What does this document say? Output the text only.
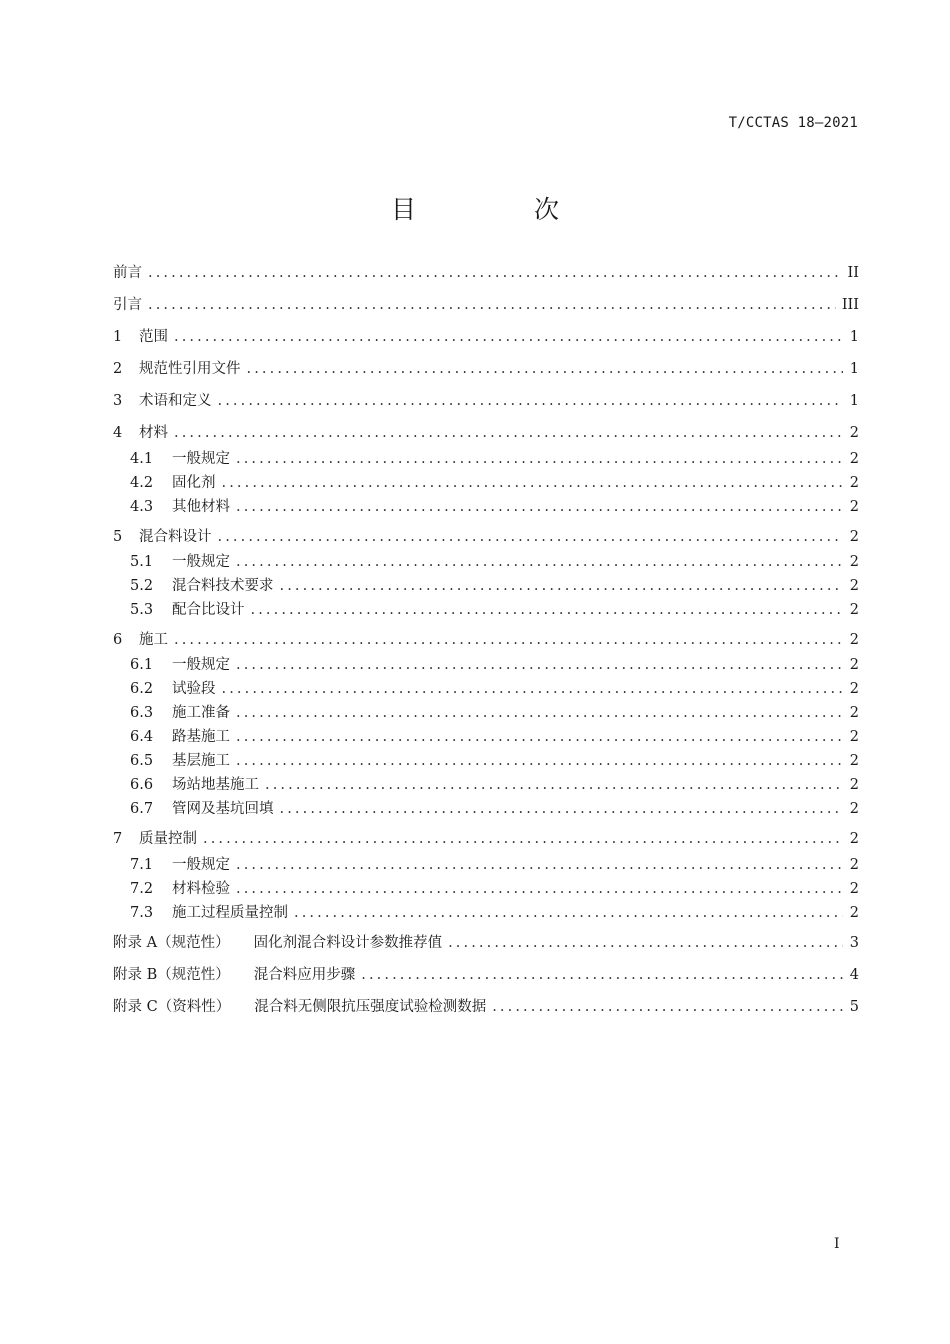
T/CCTAS 18—2021
目 次
前言 .....	II
引言 .....	III
1	范围 .....	1
2	规范性引用文件 .....	1
3	术语和定义 .....	1
4	材料 .....	2
4.1	一般规定 .....	2
4.2	固化剂 .....	2
4.3	其他材料 .....	2
5	混合料设计 .....	2
5.1	一般规定 .....	2
5.2	混合料技术要求 .....	2
5.3	配合比设计 .....	2
6	施工 .....	2
6.1	一般规定 .....	2
6.2	试验段 .....	2
6.3	施工准备 .....	2
6.4	路基施工 .....	2
6.5	基层施工 .....	2
6.6	场站地基施工 .....	2
6.7	管网及基坑回填 .....	2
7	质量控制 .....	2
7.1	一般规定 .....	2
7.2	材料检验 .....	2
7.3	施工过程质量控制 .....	2
附录 A（规范性） 固化剂混合料设计参数推荐值 .....	3
附录 B（规范性） 混合料应用步骤 .....	4
附录 C（资料性） 混合料无侧限抗压强度试验检测数据 .....	5
I
